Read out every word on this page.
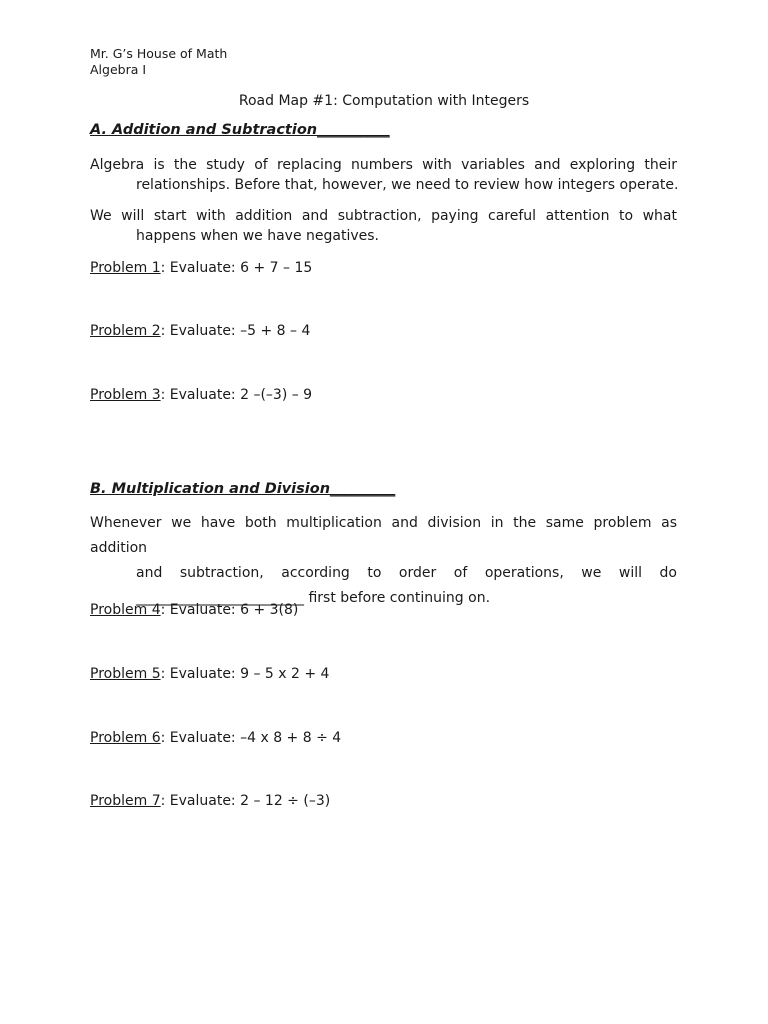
Mr. G’s House of Math
Algebra I
Road Map #1: Computation with Integers
A. Addition and Subtraction__________
Algebra is the study of replacing numbers with variables and exploring their
relationships. Before that, however, we need to review how integers operate.
We will start with addition and subtraction, paying careful attention to what
happens when we have negatives.
Problem 1: Evaluate: 6 + 7 – 15
Problem 2: Evaluate: –5 + 8 – 4
Problem 3: Evaluate: 2 –(–3) – 9
B. Multiplication and Division_________
Whenever we have both multiplication and division in the same problem as addition
and subtraction, according to order of operations, we will do
________________________ first before continuing on.
Problem 4: Evaluate: 6 + 3(8)
Problem 5: Evaluate: 9 – 5 x 2 + 4
Problem 6: Evaluate: –4 x 8 + 8 ÷ 4
Problem 7: Evaluate: 2 – 12 ÷ (–3)
